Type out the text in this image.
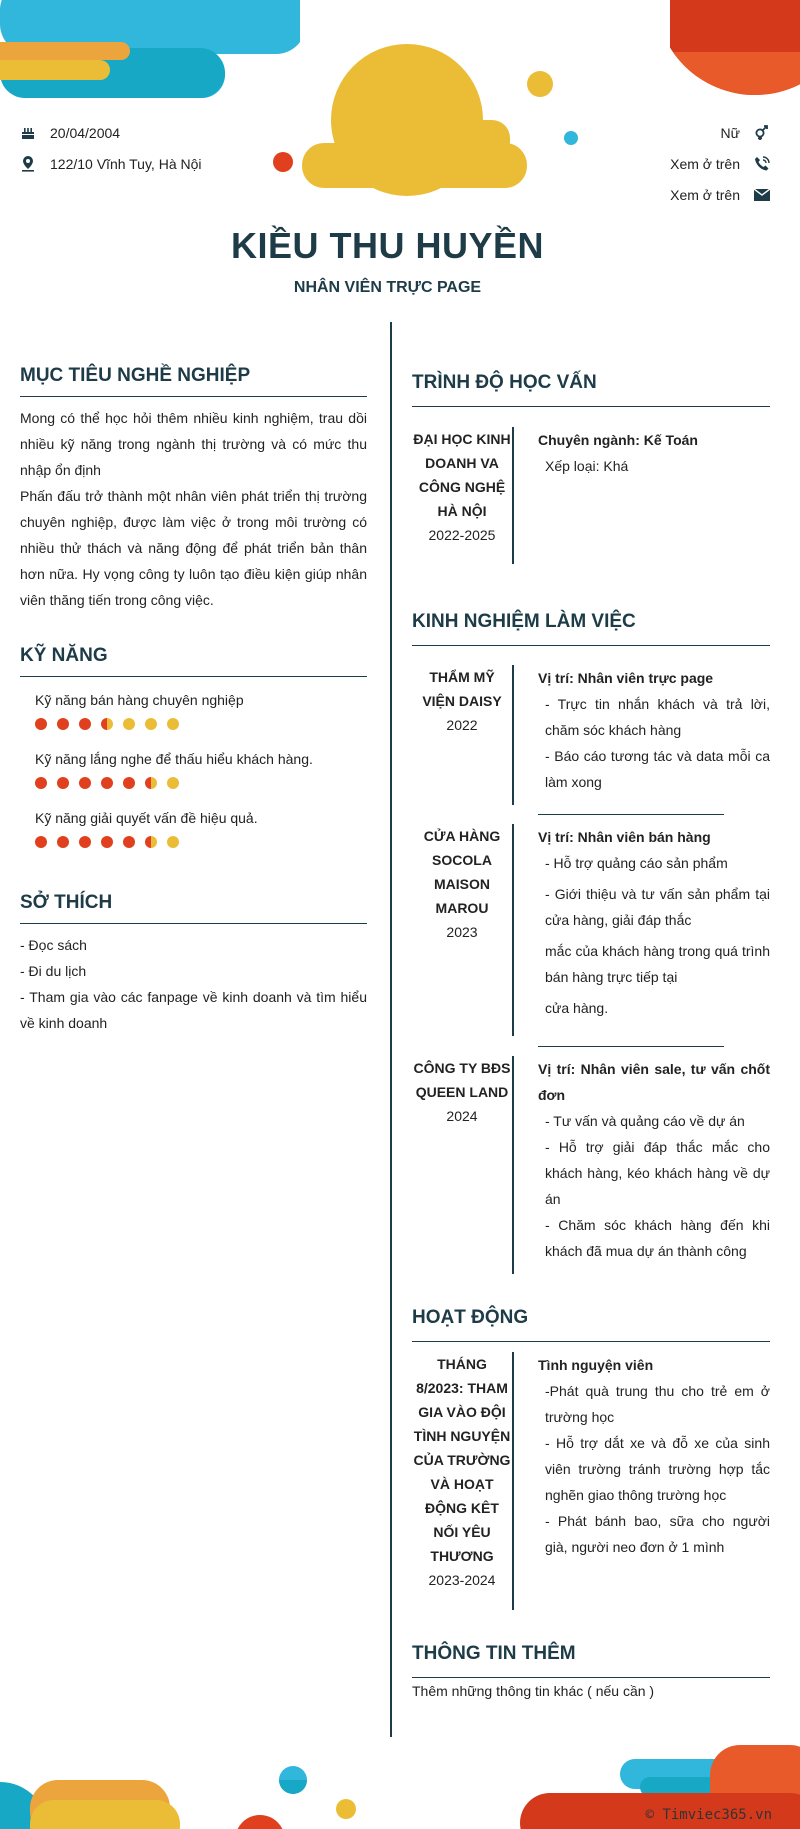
20/04/2004
122/10 Vĩnh Tuy, Hà Nội
Nữ
Xem ở trên
Xem ở trên
KIỀU THU HUYỀN
NHÂN VIÊN TRỰC PAGE
MỤC TIÊU NGHỀ NGHIỆP
Mong có thể học hỏi thêm nhiều kinh nghiệm, trau dồi nhiều kỹ năng trong ngành thị trường và có mức thu nhập ổn định
Phấn đấu trở thành một nhân viên phát triển thị trường chuyên nghiệp, được làm việc ở trong môi trường có nhiều thử thách và năng động để phát triển bản thân hơn nữa. Hy vọng công ty luôn tạo điều kiện giúp nhân viên thăng tiến trong công việc.
KỸ NĂNG
Kỹ năng bán hàng chuyên nghiệp
Kỹ năng lắng nghe để thấu hiểu khách hàng.
Kỹ năng giải quyết vấn đề hiệu quả.
SỞ THÍCH
- Đọc sách
- Đi du lịch
- Tham gia vào các fanpage về kinh doanh và tìm hiểu về kinh doanh
TRÌNH ĐỘ HỌC VẤN
ĐẠI HỌC KINH DOANH VA CÔNG NGHỆ HÀ NỘI
2022-2025
Chuyên ngành: Kế Toán
Xếp loại: Khá
KINH NGHIỆM LÀM VIỆC
THẨM MỸ VIỆN DAISY
2022
Vị trí: Nhân viên trực page
- Trực tin nhắn khách và trả lời, chăm sóc khách hàng
- Báo cáo tương tác và data mỗi ca làm xong
CỬA HÀNG SOCOLA MAISON MAROU
2023
Vị trí: Nhân viên bán hàng
- Hỗ trợ quảng cáo sản phẩm
- Giới thiệu và tư vấn sản phẩm tại cửa hàng, giải đáp thắc
mắc của khách hàng trong quá trình bán hàng trực tiếp tại
cửa hàng.
CÔNG TY BĐS QUEEN LAND
2024
Vị trí: Nhân viên sale, tư vấn chốt đơn
- Tư vấn và quảng cáo về dự án
- Hỗ trợ giải đáp thắc mắc cho khách hàng, kéo khách hàng về dự án
- Chăm sóc khách hàng đến khi khách đã mua dự án thành công
HOẠT ĐỘNG
THÁNG 8/2023: THAM GIA VÀO ĐỘI TÌNH NGUYỆN CỦA TRƯỜNG VÀ HOẠT ĐỘNG KÊT NỐI YÊU THƯƠNG
2023-2024
Tình nguyện viên
-Phát quà trung thu cho trẻ em ở trường học
- Hỗ trợ dắt xe và đỗ xe của sinh viên trường tránh trường hợp tắc nghẽn giao thông trường học
- Phát bánh bao, sữa cho người già, người neo đơn ở 1 mình
THÔNG TIN THÊM
Thêm những thông tin khác ( nếu cần )
© Timviec365.vn
